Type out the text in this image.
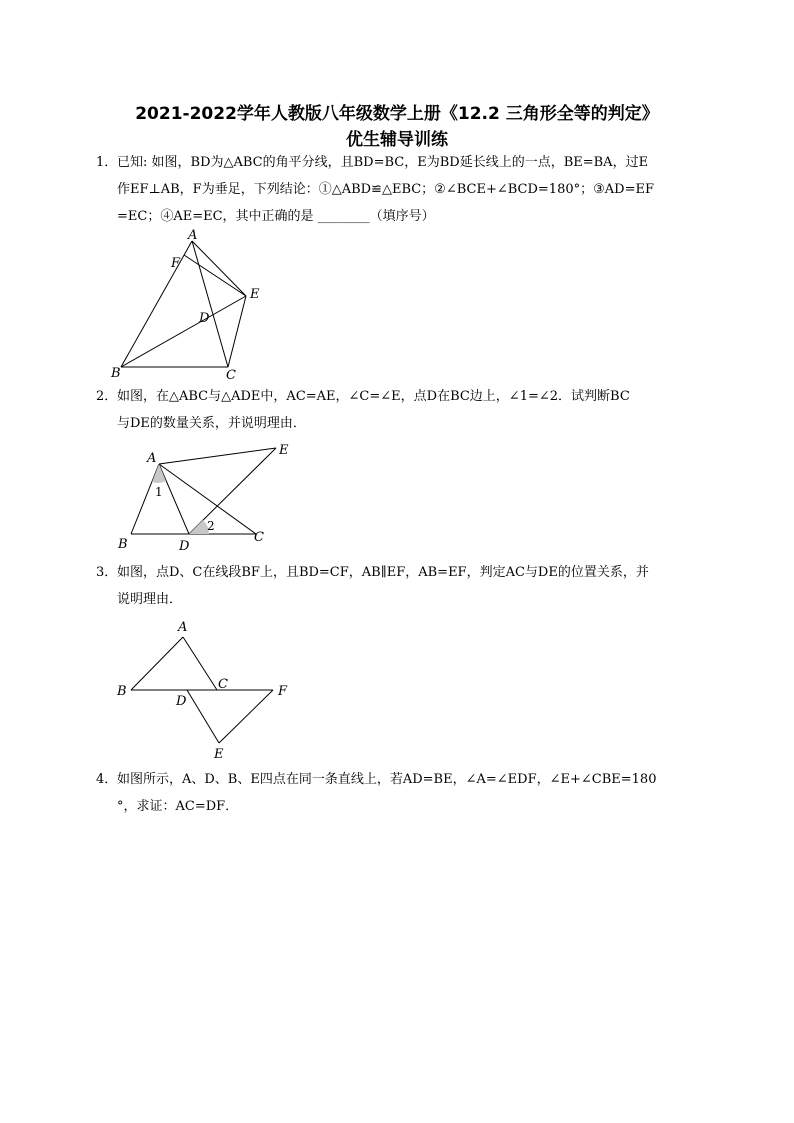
2021-2022学年人教版八年级数学上册《12.2 三角形全等的判定》
优生辅导训练
1． 已知: 如图，BD为△ABC的角平分线，且BD=BC，E为BD延长线上的一点，BE=BA，过E
作EF⊥AB，F为垂足，下列结论：①△ABD≌△EBC；②∠BCE+∠BCD=180°；③AD=EF
=EC；④AE=EC，其中正确的是 ________（填序号）
A
F
E
D
B	C
2． 如图，在△ABC与△ADE中，AC=AE，∠C=∠E，点D在BC边上，∠1=∠2．试判断BC
与DE的数量关系，并说明理由．
A
E
1
2
B	D
C
3． 如图，点D、C在线段BF上，且BD=CF，AB∥EF，AB=EF，判定AC与DE的位置关系，并
说明理由．
A
B	C	F
D
E
4． 如图所示，A、D、B、E四点在同一条直线上，若AD=BE，∠A=∠EDF，∠E+∠CBE=180
°，求证：AC=DF．
